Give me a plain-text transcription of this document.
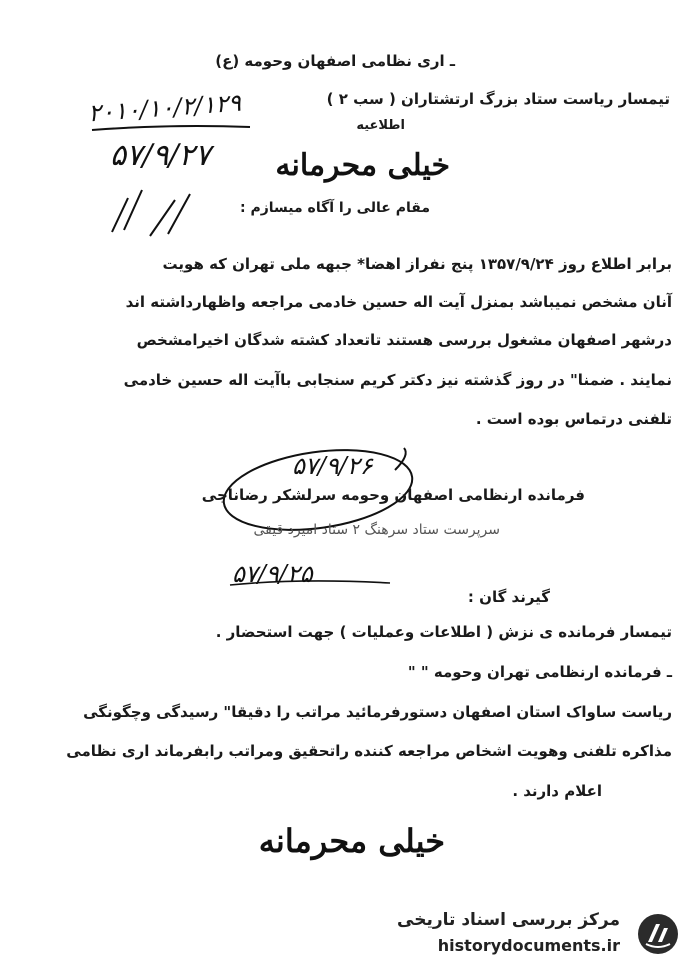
ـ اری نظامی اصفهان وحومه (ع)
تیمسار ریاست ستاد بزرگ ارتشتاران ( سب ۲ )
اطلاعیه
۲۰۱۰/۱۰/۲/۱۲۹
۵۷/۹/۲۷ خیلی محرمانه
مقام عالی را آگاه میسازم :
برابر اطلاع روز ۱۳۵۷/۹/۲۴ پنج نفراز اهضا* جبهه ملی تهران که هویت
آنان مشخص نمیباشد بمنزل آیت اله حسین خادمی مراجعه واظهارداشته اند
درشهر اصفهان مشغول بررسی هستند تاتعداد کشته شدگان اخیرامشخص
نمایند . ضمنا" در روز گذشته نیز دکتر کریم سنجابی باآیت اله حسین خادمی
تلفنی درتماس بوده است .
۵۷/۹/۲۶
فرمانده ارنظامی اصفهان وحومه سرلشکر رضاناجی
سرپرست ستاد سرهنگ ۲ ستاد امیرد قیقی
۵۷/۹/۲۵
گیرند گان :
تیمسار فرمانده ی نزش ( اطلاعات وعملیات ) جهت استحضار .
ـ فرمانده ارنظامی تهران وحومه " "
ریاست ساواک استان اصفهان دستورفرمائید مراتب را دقیقا" رسیدگی وچگونگی
مذاکره تلفنی وهویت اشخاص مراجعه کننده راتحقیق ومراتب رابفرماند اری نظامی
اعلام دارند .
خیلی محرمانه
مرکز بررسی اسناد تاریخی
historydocuments.ir
